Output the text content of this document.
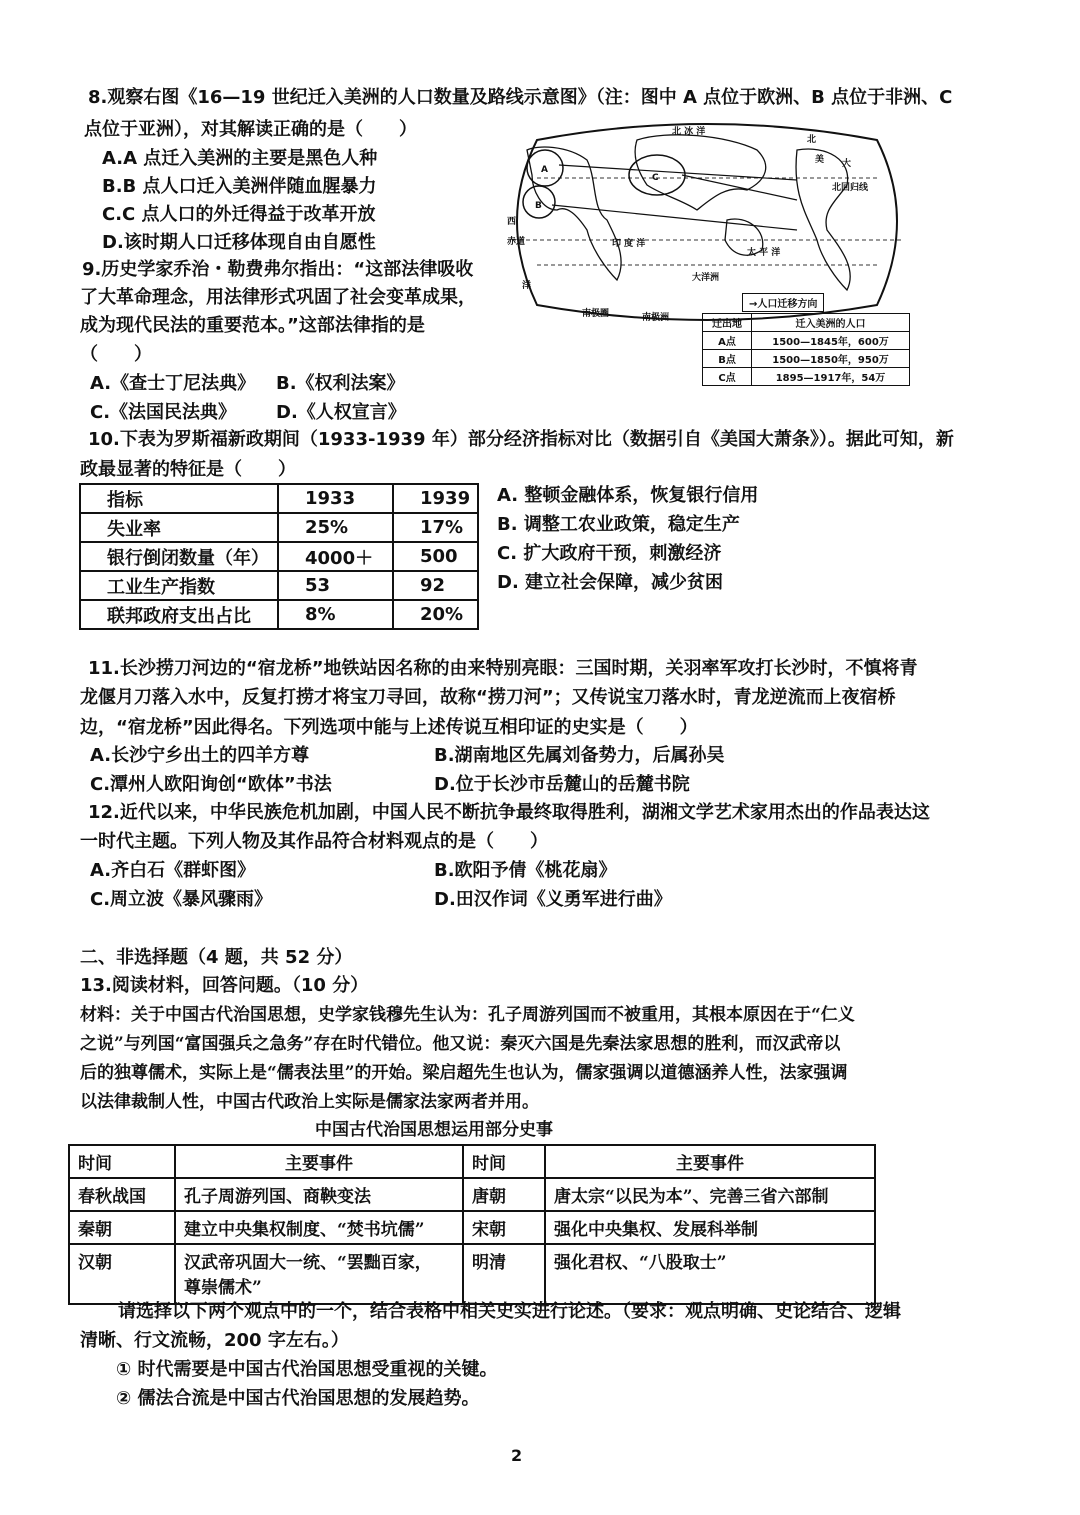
8.观察右图《16—19 世纪迁入美洲的人口数量及路线示意图》（注：图中 A 点位于欧洲、B 点位于非洲、C
点位于亚洲），对其解读正确的是（　　）
A.A 点迁入美洲的主要是黑色人种
B.B 点人口迁入美洲伴随血腥暴力
C.C 点人口的外迁得益于改革开放
D.该时期人口迁移体现自由自愿性
A
B
C
北 冰 洋
北
美 大
西
赤道	印 度 洋
太 平 洋
大洋洲
北回归线
洋
南极圈	南极洲
→人口迁移方向
迁出地	迁入美洲的人口
A点	1500—1845年，600万
B点	1500—1850年，950万
C点	1895—1917年，54万
9.历史学家乔治・勒费弗尔指出：“这部法律吸收
了大革命理念，用法律形式巩固了社会变革成果，
成为现代民法的重要范本。”这部法律指的是
（　　）
A.《查士丁尼法典》 B.《权利法案》
C.《法国民法典》 D.《人权宣言》
10.下表为罗斯福新政期间（1933-1939 年）部分经济指标对比（数据引自《美国大萧条》）。据此可知，新
政最显著的特征是（　　）
指标	1933	1939
失业率	25%	17%
银行倒闭数量（年）	4000＋	500
工业生产指数	53	92
联邦政府支出占比	8%	20%
A. 整顿金融体系，恢复银行信用
B. 调整工农业政策，稳定生产
C. 扩大政府干预，刺激经济
D. 建立社会保障，减少贫困
11.长沙捞刀河边的“宿龙桥”地铁站因名称的由来特别亮眼：三国时期，关羽率军攻打长沙时，不慎将青
龙偃月刀落入水中，反复打捞才将宝刀寻回，故称“捞刀河”；又传说宝刀落水时，青龙逆流而上夜宿桥
边，“宿龙桥”因此得名。下列选项中能与上述传说互相印证的史实是（　　）
A.长沙宁乡出土的四羊方尊	B.湖南地区先属刘备势力，后属孙吴
C.潭州人欧阳询创“欧体”书法	D.位于长沙市岳麓山的岳麓书院
12.近代以来，中华民族危机加剧，中国人民不断抗争最终取得胜利，湖湘文学艺术家用杰出的作品表达这
一时代主题。下列人物及其作品符合材料观点的是（　　）
A.齐白石《群虾图》	B.欧阳予倩《桃花扇》
C.周立波《暴风骤雨》	D.田汉作词《义勇军进行曲》
二、非选择题（4 题，共 52 分）
13.阅读材料，回答问题。（10 分）
材料：关于中国古代治国思想，史学家钱穆先生认为：孔子周游列国而不被重用，其根本原因在于“仁义
之说”与列国“富国强兵之急务”存在时代错位。他又说：秦灭六国是先秦法家思想的胜利，而汉武帝以
后的独尊儒术，实际上是“儒表法里”的开始。梁启超先生也认为，儒家强调以道德涵养人性，法家强调
以法律裁制人性，中国古代政治上实际是儒家法家两者并用。
中国古代治国思想运用部分史事
时间	主要事件	时间	主要事件
春秋战国	孔子周游列国、商鞅变法	唐朝	唐太宗“以民为本”、完善三省六部制
秦朝	建立中央集权制度、“焚书坑儒”	宋朝	强化中央集权、发展科举制
汉朝	汉武帝巩固大一统、“罢黜百家，
尊崇儒术”	明清	强化君权、“八股取士”
请选择以下两个观点中的一个，结合表格中相关史实进行论述。（要求：观点明确、史论结合、逻辑
清晰、行文流畅，200 字左右。）
① 时代需要是中国古代治国思想受重视的关键。
② 儒法合流是中国古代治国思想的发展趋势。
2
